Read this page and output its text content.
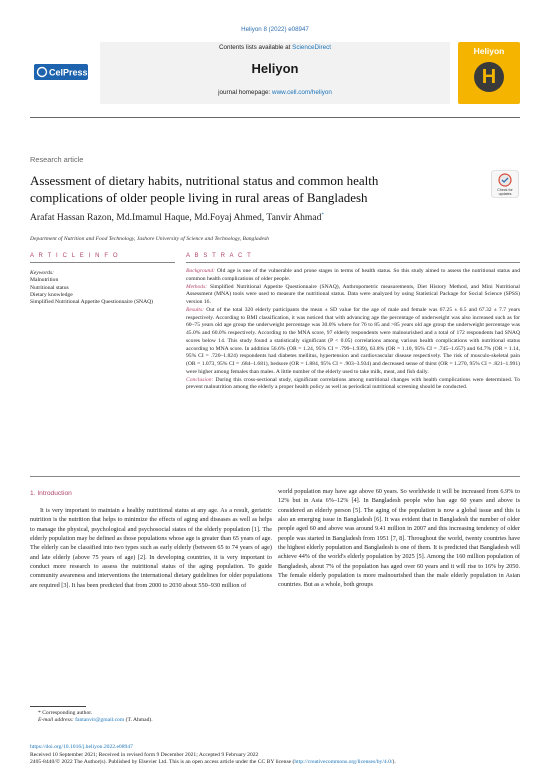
Heliyon 8 (2022) e08947
CelPress
Contents lists available at ScienceDirect
Heliyon
journal homepage: www.cell.com/heliyon
Heliyon
H
Research article
Assessment of dietary habits, nutritional status and common health complications of older people living in rural areas of Bangladesh	Check for
updates
Arafat Hassan Razon, Md.Imamul Haque, Md.Foyaj Ahmed, Tanvir Ahmad*
Department of Nutrition and Food Technology, Jashore University of Science and Technology, Bangladesh
A R T I C L E I N F O	A B S T R A C T
Keywords:
Malnutrition
Nutritional status
Dietary knowledge
Simplified Nutritional Appetite Questionnaire (SNAQ)
Background: Old age is one of the vulnerable and prone stages in terms of health status. So this study aimed to assess the nutritional status and common health complications of older people.
Methods: Simplified Nutritional Appetite Questionnaire (SNAQ), Anthropometric measurements, Diet History Method, and Mini Nutritional Assessment (MNA) tools were used to measure the nutritional status. Data were analyzed by using Statistical Package for Social Science (SPSS) version 16.
Results: Out of the total 320 elderly participants the mean ± SD value for the age of male and female was 67.25 ± 6.5 and 67.32 ± 7.7 years respectively. According to BMI classification, it was noticed that with advancing age the percentage of underweight was also increased such as for 60–75 years old age group the underweight percentage was 30.0% where for 76 to 85 and >85 years old age group the underweight percentage was 45.0% and 60.0% respectively. According to the MNA score, 97 elderly respondents were malnourished and a total of 172 respondents had SNAQ scores below 14. This study found a statistically significant (P < 0.05) correlations among various health complications with nutritional status according to MNA score. In addition 56.6% (OR = 1.24, 95% CI = .799–1.939), 63.8% (OR = 1.10, 95% CI = .745–1.657) and 64.7% (OR = 1.14, 95% CI = .720–1.824) respondents had diabetes mellitus, hypertension and cardiovascular disease respectively. The risk of musculo-skeletal pain (OR = 1.073, 95% CI = .684–1.681), bedsore (OR = 1.884, 95% CI = .903–3.934) and decreased sense of thirst (OR = 1.270, 95% CI = .821–1.991) were higher among females than males. A little number of the elderly used to take milk, meat, and fish daily.
Conclusion: During this cross-sectional study, significant correlations among nutritional changes with health complications were determined. To prevent malnutrition among the elderly a proper health policy as well as periodical nutritional screening should be conducted.
1. Introduction

It is very important to maintain a healthy nutritional status at any age. As a result, geriatric nutrition is the nutrition that helps to minimize the effects of aging and diseases as well as helps to manage the physical, psychological and psychosocial states of the elderly population [1]. The elderly population may be defined as those populations whose age is greater than 65 years of age. The elderly can be classified into two types such as early elderly (between 65 to 74 years of age) and late elderly (above 75 years of age) [2]. In developing countries, it is very important to conduct more research to assess the nutritional status of the aging population. To guide community awareness and interventions the international dietary guidelines for older populations are required [3]. It has been predicted that from 2000 to 2030 about 550–930 million of

world population may have age above 60 years. So worldwide it will be increased from 6.9% to 12% but in Asia 6%–12% [4]. In Bangladesh people who has age 60 years and above is considered an elderly person [5]. The aging of the population is now a global issue and this is also an emerging issue in Bangladesh [6]. It was evident that in Bangladesh the number of older people aged 60 and above was around 9.41 million in 2007 and this increasing tendency of older people was started in Bangladesh from 1951 [7, 8]. Throughout the world, twenty countries have the highest elderly population and Bangladesh is one of them. It is predicted that Bangladesh will achieve 44% of the world's elderly population by 2025 [5]. Among the 160 million population of Bangladesh, about 7% of the population has aged over 60 years and it will rise to 16% by 2050. The female elderly population is more malnourished than the male elderly population in Asian countries. But as a whole, both groups

* Corresponding author.
E-mail address: fantanvir@gmail.com (T. Ahmad).
https://doi.org/10.1016/j.heliyon.2022.e08947
Received 10 September 2021; Received in revised form 9 December 2021; Accepted 9 February 2022
2405-8440/© 2022 The Author(s). Published by Elsevier Ltd. This is an open access article under the CC BY license (http://creativecommons.org/licenses/by/4.0/).
